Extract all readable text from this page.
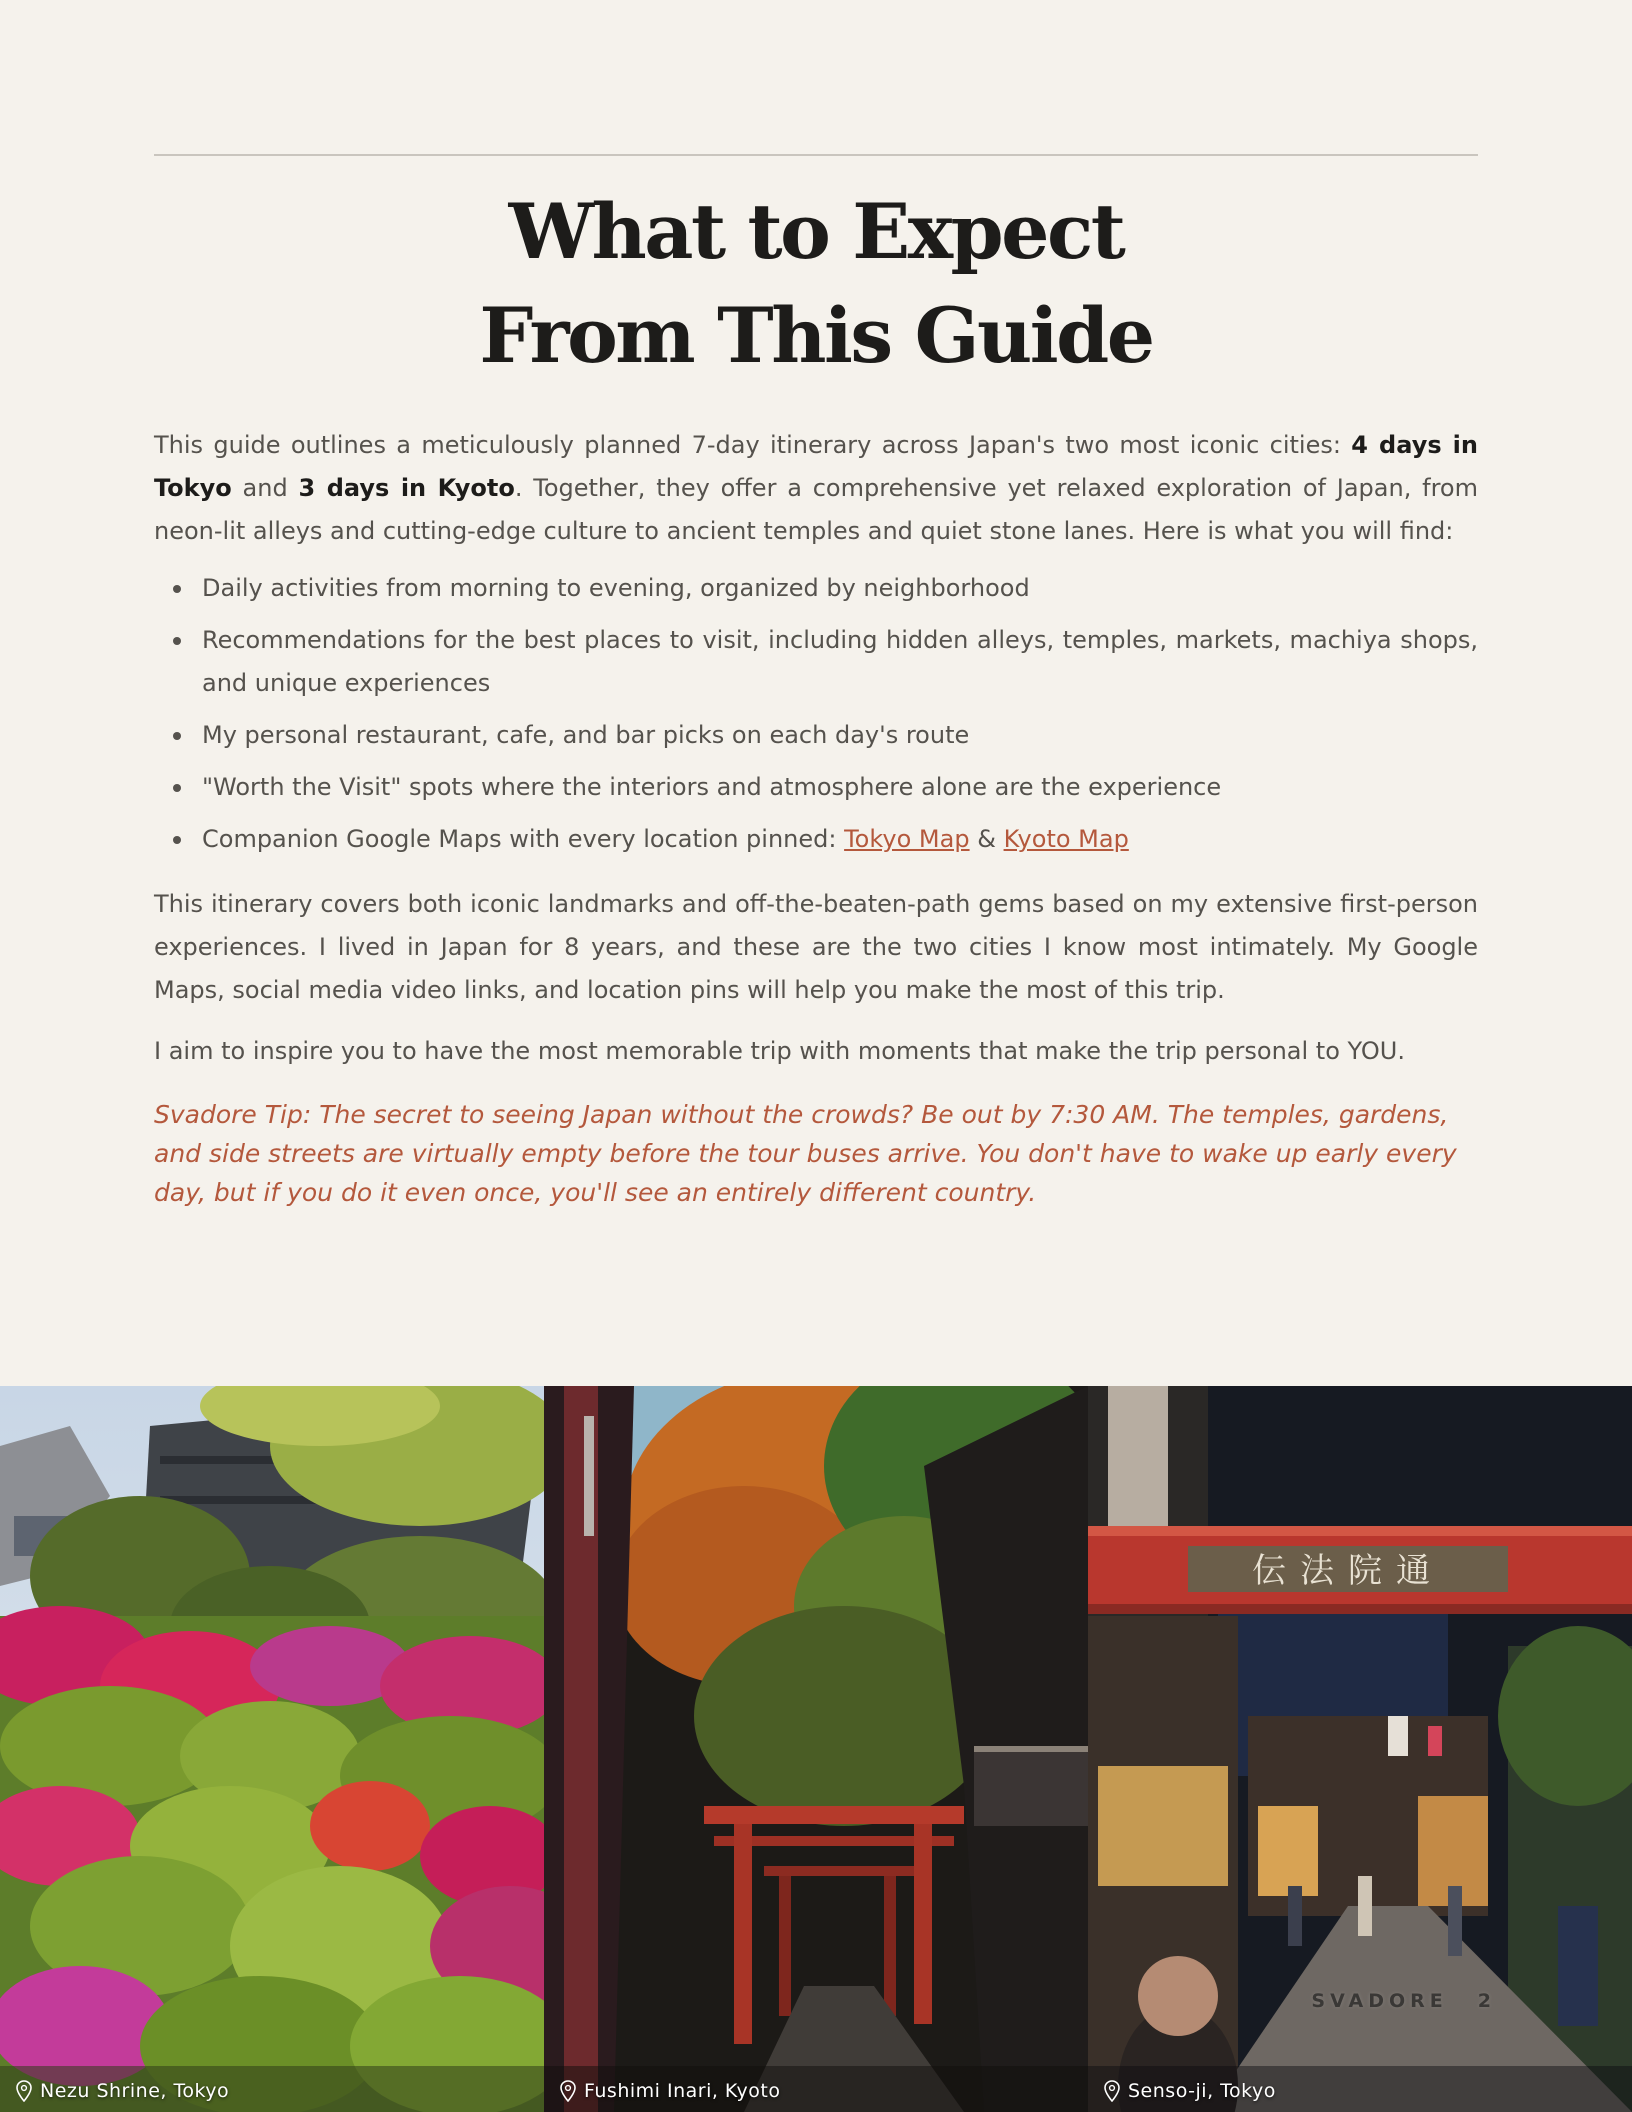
What to Expect
From This Guide

This guide outlines a meticulously planned 7-day itinerary across Japan's two most iconic cities: 4 days in Tokyo and 3 days in Kyoto. Together, they offer a comprehensive yet relaxed exploration of Japan, from neon-lit alleys and cutting-edge culture to ancient temples and quiet stone lanes. Here is what you will find:

Daily activities from morning to evening, organized by neighborhood
Recommendations for the best places to visit, including hidden alleys, temples, markets, machiya shops, and unique experiences
My personal restaurant, cafe, and bar picks on each day's route
"Worth the Visit" spots where the interiors and atmosphere alone are the experience
Companion Google Maps with every location pinned: Tokyo Map & Kyoto Map

This itinerary covers both iconic landmarks and off-the-beaten-path gems based on my extensive first-person experiences. I lived in Japan for 8 years, and these are the two cities I know most intimately. My Google Maps, social media video links, and location pins will help you make the most of this trip.

I aim to inspire you to have the most memorable trip with moments that make the trip personal to YOU.

Svadore Tip: The secret to seeing Japan without the crowds? Be out by 7:30 AM. The temples, gardens, and side streets are virtually empty before the tour buses arrive. You don't have to wake up early every day, but if you do it even once, you'll see an entirely different country.

Nezu Shrine, Tokyo	Fushimi Inari, Kyoto
伝法院通
Senso-ji, Tokyo
SVADORE 2
